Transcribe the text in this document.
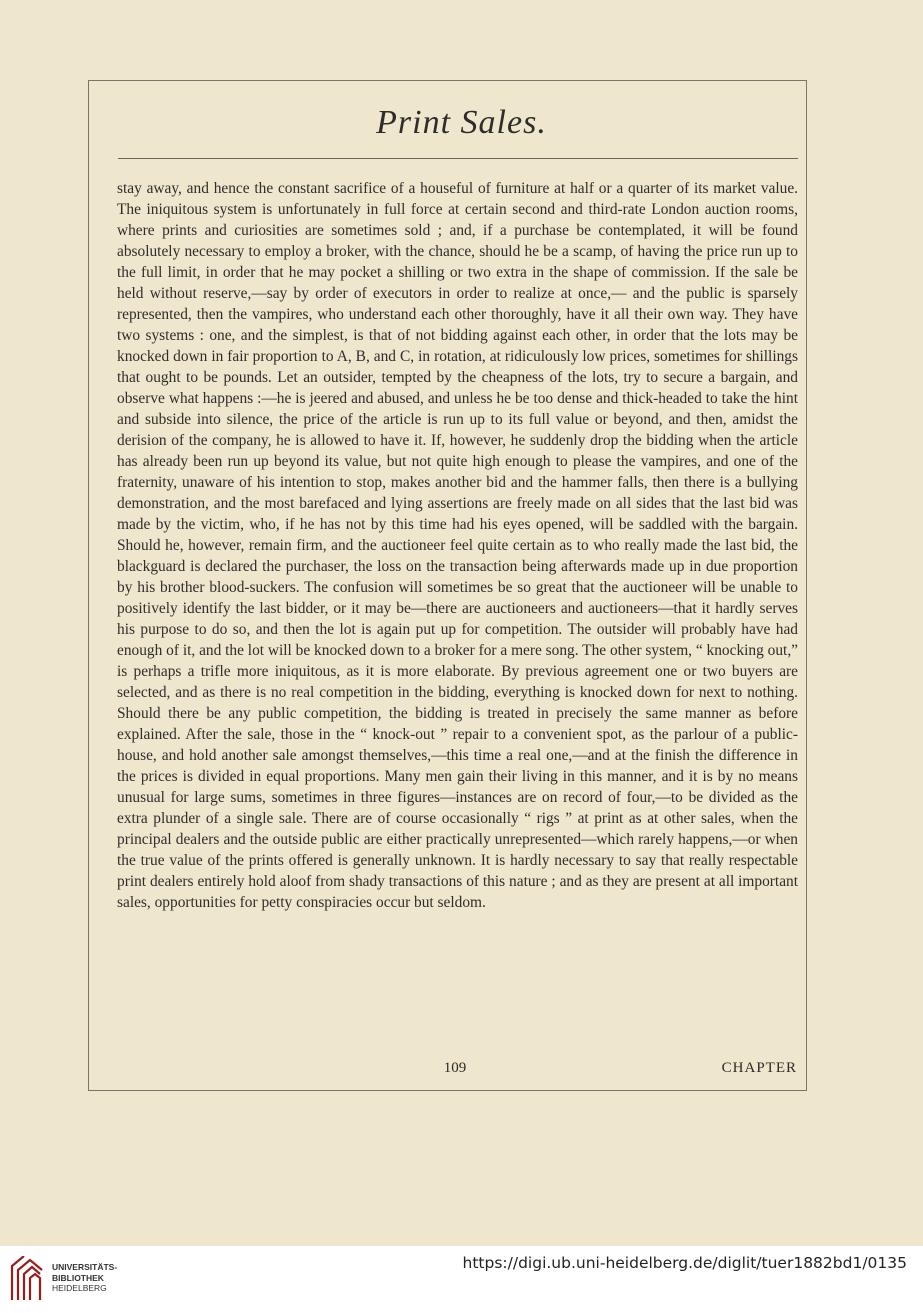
Print Sales.

stay away, and hence the constant sacrifice of a houseful of furniture at half or a quarter of its market value. The iniquitous system is unfortunately in full force at certain second and third-rate London auction rooms, where prints and curiosities are sometimes sold ; and, if a purchase be contemplated, it will be found absolutely necessary to employ a broker, with the chance, should he be a scamp, of having the price run up to the full limit, in order that he may pocket a shilling or two extra in the shape of commission. If the sale be held without reserve,—say by order of executors in order to realize at once,— and the public is sparsely represented, then the vampires, who understand each other thoroughly, have it all their own way. They have two systems : one, and the simplest, is that of not bidding against each other, in order that the lots may be knocked down in fair proportion to A, B, and C, in rotation, at ridiculously low prices, sometimes for shillings that ought to be pounds. Let an outsider, tempted by the cheapness of the lots, try to secure a bargain, and observe what happens :—he is jeered and abused, and unless he be too dense and thick-headed to take the hint and subside into silence, the price of the article is run up to its full value or beyond, and then, amidst the derision of the company, he is allowed to have it. If, however, he suddenly drop the bidding when the article has already been run up beyond its value, but not quite high enough to please the vampires, and one of the fraternity, unaware of his intention to stop, makes another bid and the hammer falls, then there is a bullying demonstration, and the most barefaced and lying assertions are freely made on all sides that the last bid was made by the victim, who, if he has not by this time had his eyes opened, will be saddled with the bargain. Should he, however, remain firm, and the auctioneer feel quite certain as to who really made the last bid, the blackguard is declared the purchaser, the loss on the transaction being afterwards made up in due proportion by his brother blood-suckers. The confusion will sometimes be so great that the auctioneer will be unable to positively identify the last bidder, or it may be—there are auctioneers and auctioneers—that it hardly serves his purpose to do so, and then the lot is again put up for competition. The outsider will probably have had enough of it, and the lot will be knocked down to a broker for a mere song. The other system, “ knocking out,” is perhaps a trifle more iniquitous, as it is more elaborate. By previous agreement one or two buyers are selected, and as there is no real competition in the bidding, everything is knocked down for next to nothing. Should there be any public competition, the bidding is treated in precisely the same manner as before explained. After the sale, those in the “ knock-out ” repair to a convenient spot, as the parlour of a public-house, and hold another sale amongst themselves,—this time a real one,—and at the finish the difference in the prices is divided in equal proportions. Many men gain their living in this manner, and it is by no means unusual for large sums, sometimes in three figures—instances are on record of four,—to be divided as the extra plunder of a single sale. There are of course occasionally “ rigs ” at print as at other sales, when the principal dealers and the outside public are either practically unrepresented—which rarely happens,—or when the true value of the prints offered is generally unknown. It is hardly necessary to say that really respectable print dealers entirely hold aloof from shady transactions of this nature ; and as they are present at all important sales, opportunities for petty conspiracies occur but seldom.

109	CHAPTER
UNIVERSITÄTS-
BIBLIOTHEK
HEIDELBERG
https://digi.ub.uni-heidelberg.de/diglit/tuer1882bd1/0135
